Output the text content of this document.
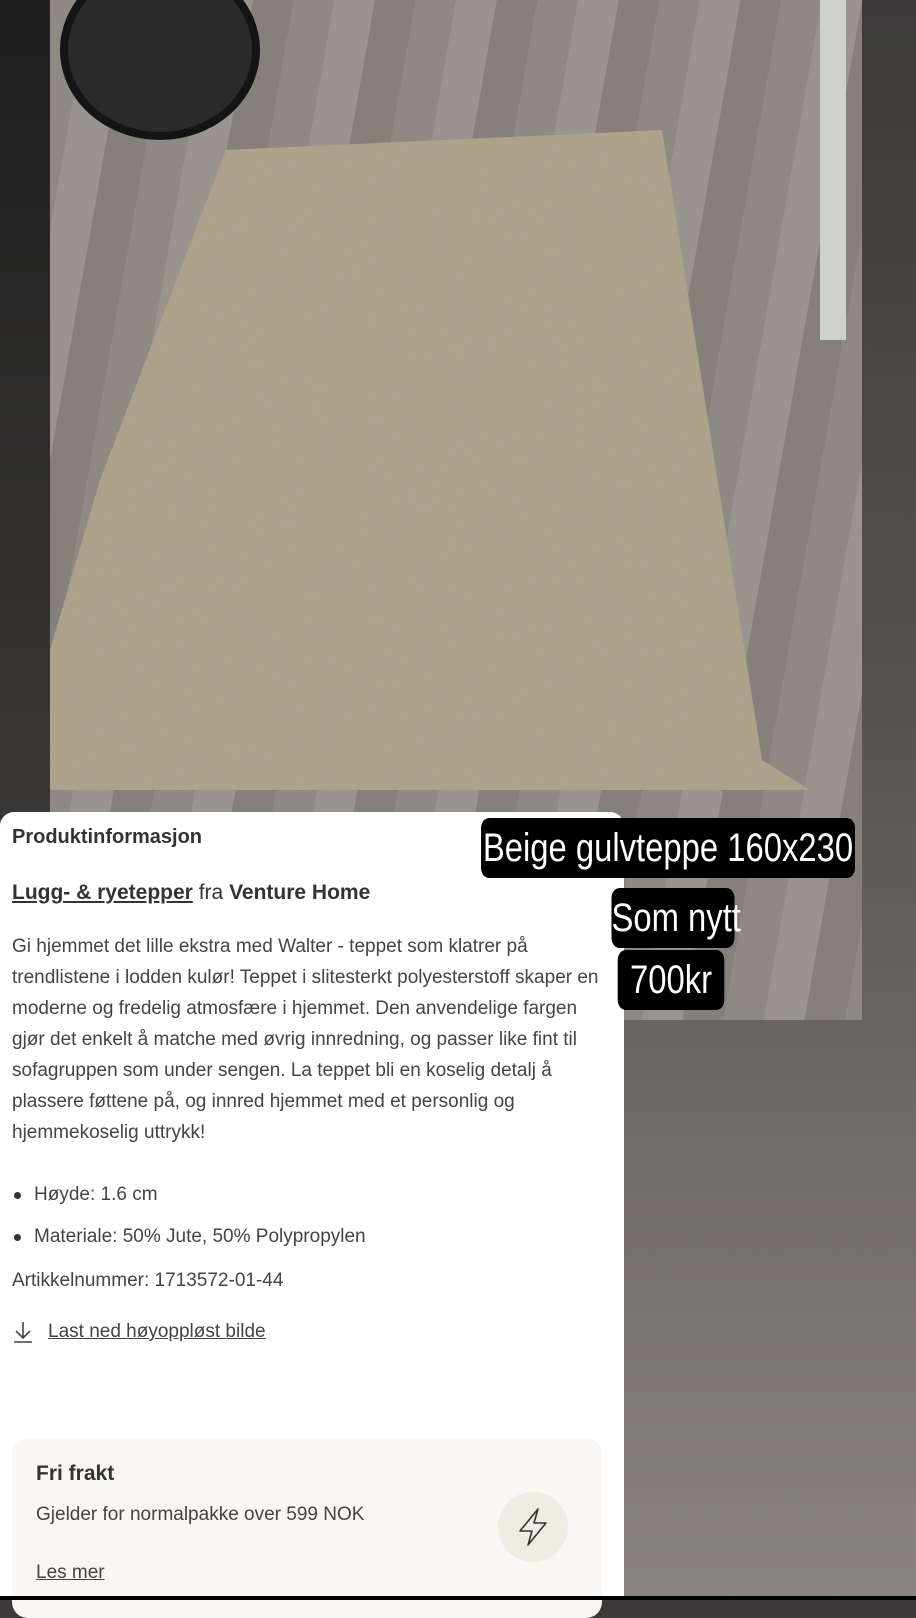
Produktinformasjon
Lugg- & ryetepper fra Venture Home
Gi hjemmet det lille ekstra med Walter - teppet som klatrer på trendlistene i lodden kulør! Teppet i slitesterkt polyesterstoff skaper en moderne og fredelig atmosfære i hjemmet. Den anvendelige fargen gjør det enkelt å matche med øvrig innredning, og passer like fint til sofagruppen som under sengen. La teppet bli en koselig detalj å plassere føttene på, og innred hjemmet med et personlig og hjemmekoselig uttrykk!
Høyde: 1.6 cm
Materiale: 50% Jute, 50% Polypropylen
Artikkelnummer: 1713572-01-44
Last ned høyoppløst bilde
Fri frakt
Gjelder for normalpakke over 599 NOK
Les mer
Beige gulvteppe 160x230
Som nytt
700kr
